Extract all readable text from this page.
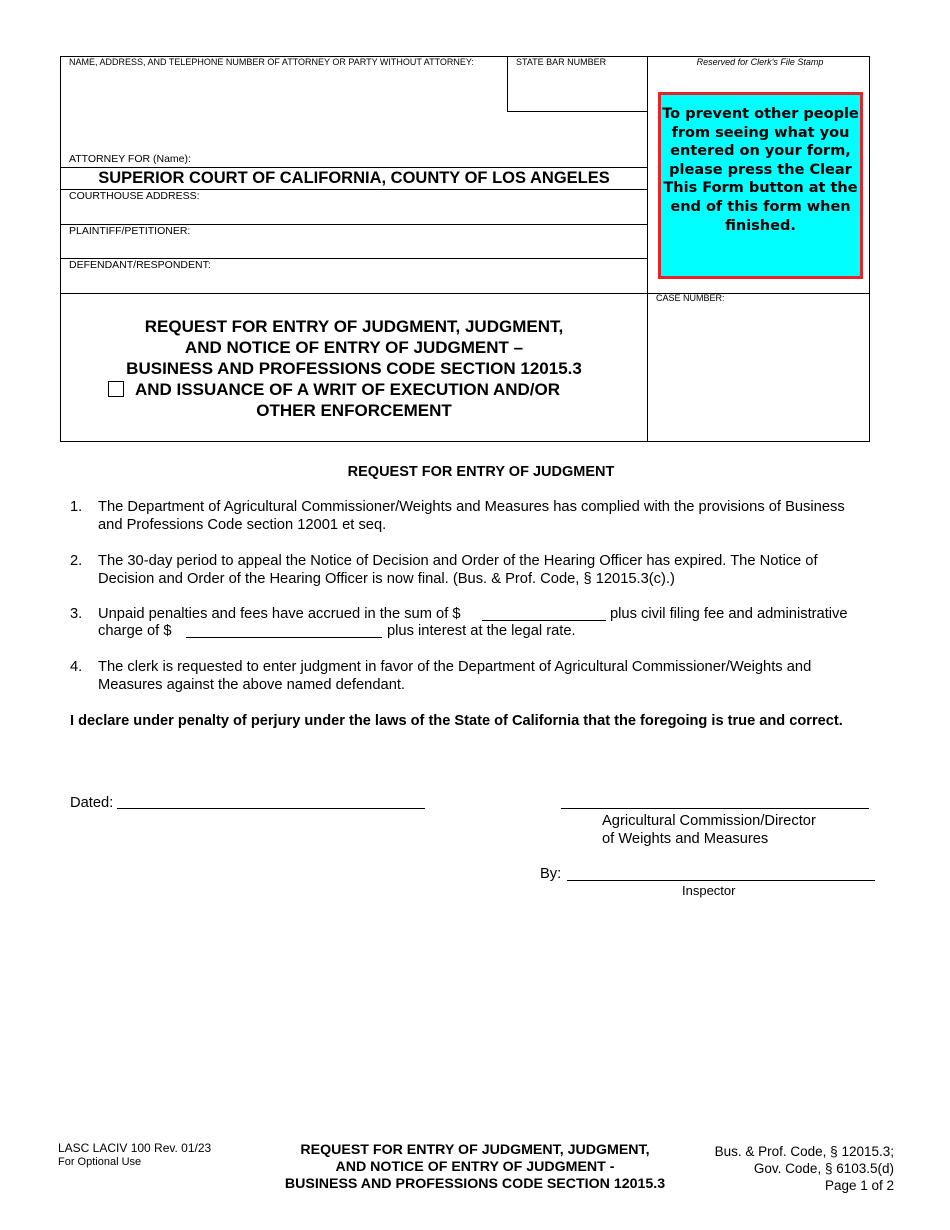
NAME, ADDRESS, AND TELEPHONE NUMBER OF ATTORNEY OR PARTY WITHOUT ATTORNEY:	STATE BAR NUMBER	Reserved for Clerk's File Stamp
ATTORNEY FOR (Name):
SUPERIOR COURT OF CALIFORNIA, COUNTY OF LOS ANGELES
COURTHOUSE ADDRESS:
PLAINTIFF/PETITIONER:
DEFENDANT/RESPONDENT:
To prevent other people from seeing what you entered on your form, please press the Clear This Form button at the end of this form when finished.
CASE NUMBER:
REQUEST FOR ENTRY OF JUDGMENT, JUDGMENT,
AND NOTICE OF ENTRY OF JUDGMENT –
BUSINESS AND PROFESSIONS CODE SECTION 12015.3
AND ISSUANCE OF A WRIT OF EXECUTION AND/OR
OTHER ENFORCEMENT
REQUEST FOR ENTRY OF JUDGMENT
1. The Department of Agricultural Commissioner/Weights and Measures has complied with the provisions of Business
and Professions Code section 12001 et seq.
2. The 30-day period to appeal the Notice of Decision and Order of the Hearing Officer has expired. The Notice of
Decision and Order of the Hearing Officer is now final. (Bus. & Prof. Code, § 12015.3(c).)
3. Unpaid penalties and fees have accrued in the sum of $	plus civil filing fee and administrative
charge of $	plus interest at the legal rate.
4. The clerk is requested to enter judgment in favor of the Department of Agricultural Commissioner/Weights and
Measures against the above named defendant.
I declare under penalty of perjury under the laws of the State of California that the foregoing is true and correct.
Dated:
Agricultural Commission/Director
of Weights and Measures
By:
Inspector
LASC LACIV 100 Rev. 01/23
For Optional Use
REQUEST FOR ENTRY OF JUDGMENT, JUDGMENT,
AND NOTICE OF ENTRY OF JUDGMENT -
BUSINESS AND PROFESSIONS CODE SECTION 12015.3
Bus. & Prof. Code, § 12015.3;
Gov. Code, § 6103.5(d)
Page 1 of 2
